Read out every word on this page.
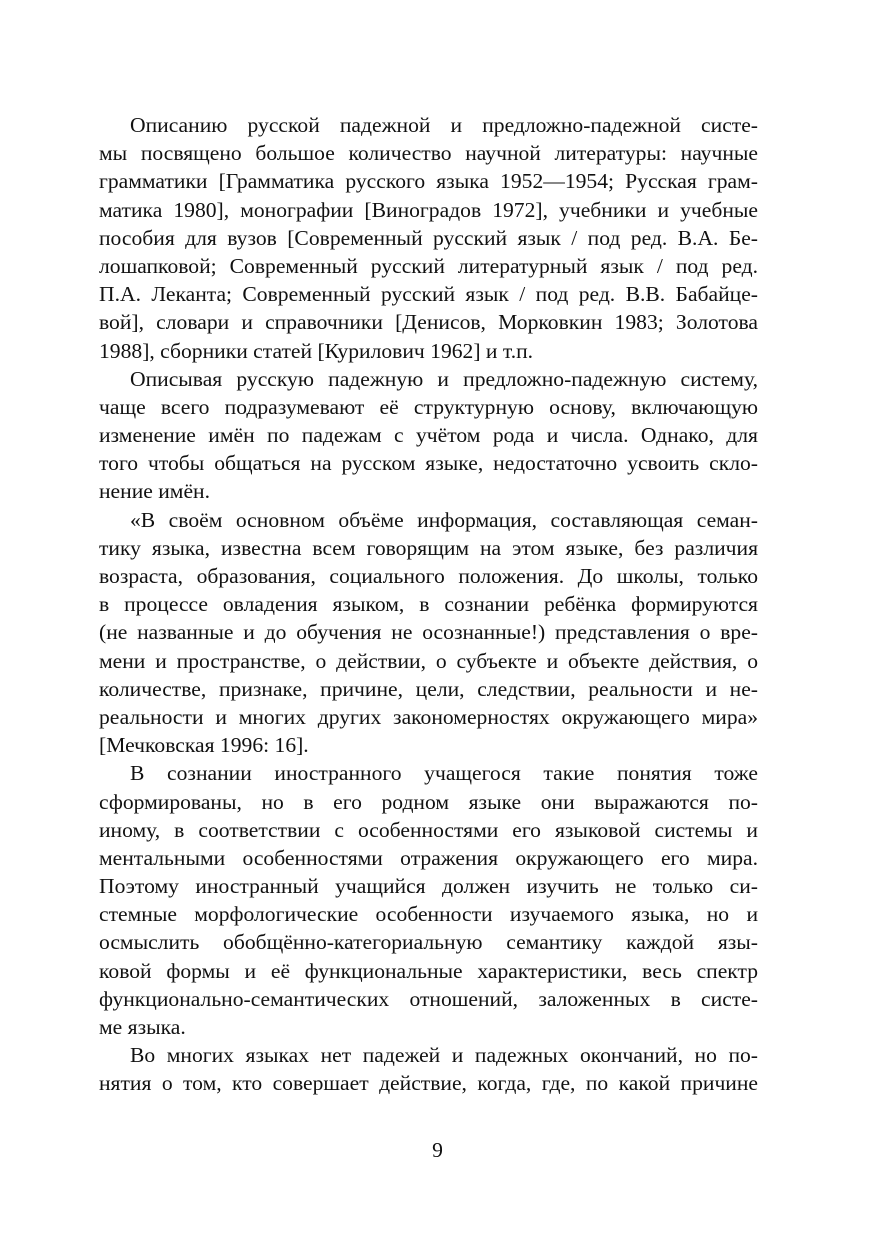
Описанию русской падежной и предложно-падежной систе-
мы посвящено большое количество научной литературы: научные
грамматики [Грамматика русского языка 1952—1954; Русская грам-
матика 1980], монографии [Виноградов 1972], учебники и учебные
пособия для вузов [Современный русский язык / под ред. В.А. Бе-
лошапковой; Современный русский литературный язык / под ред.
П.А. Леканта; Современный русский язык / под ред. В.В. Бабайце-
вой], словари и справочники [Денисов, Морковкин 1983; Золотова
1988], сборники статей [Курилович 1962] и т.п.
Описывая русскую падежную и предложно-падежную систему,
чаще всего подразумевают её структурную основу, включающую
изменение имён по падежам с учётом рода и числа. Однако, для
того чтобы общаться на русском языке, недостаточно усвоить скло-
нение имён.
«В своём основном объёме информация, составляющая семан-
тику языка, известна всем говорящим на этом языке, без различия
возраста, образования, социального положения. До школы, только
в процессе овладения языком, в сознании ребёнка формируются
(не названные и до обучения не осознанные!) представления о вре-
мени и пространстве, о действии, о субъекте и объекте действия, о
количестве, признаке, причине, цели, следствии, реальности и не-
реальности и многих других закономерностях окружающего мира»
[Мечковская 1996: 16].
В сознании иностранного учащегося такие понятия тоже
сформированы, но в его родном языке они выражаются по-
иному, в соответствии с особенностями его языковой системы и
ментальными особенностями отражения окружающего его мира.
Поэтому иностранный учащийся должен изучить не только си-
стемные морфологические особенности изучаемого языка, но и
осмыслить обобщённо-категориальную семантику каждой язы-
ковой формы и её функциональные характеристики, весь спектр
функционально-семантических отношений, заложенных в систе-
ме языка.
Во многих языках нет падежей и падежных окончаний, но по-
нятия о том, кто совершает действие, когда, где, по какой причине
9
